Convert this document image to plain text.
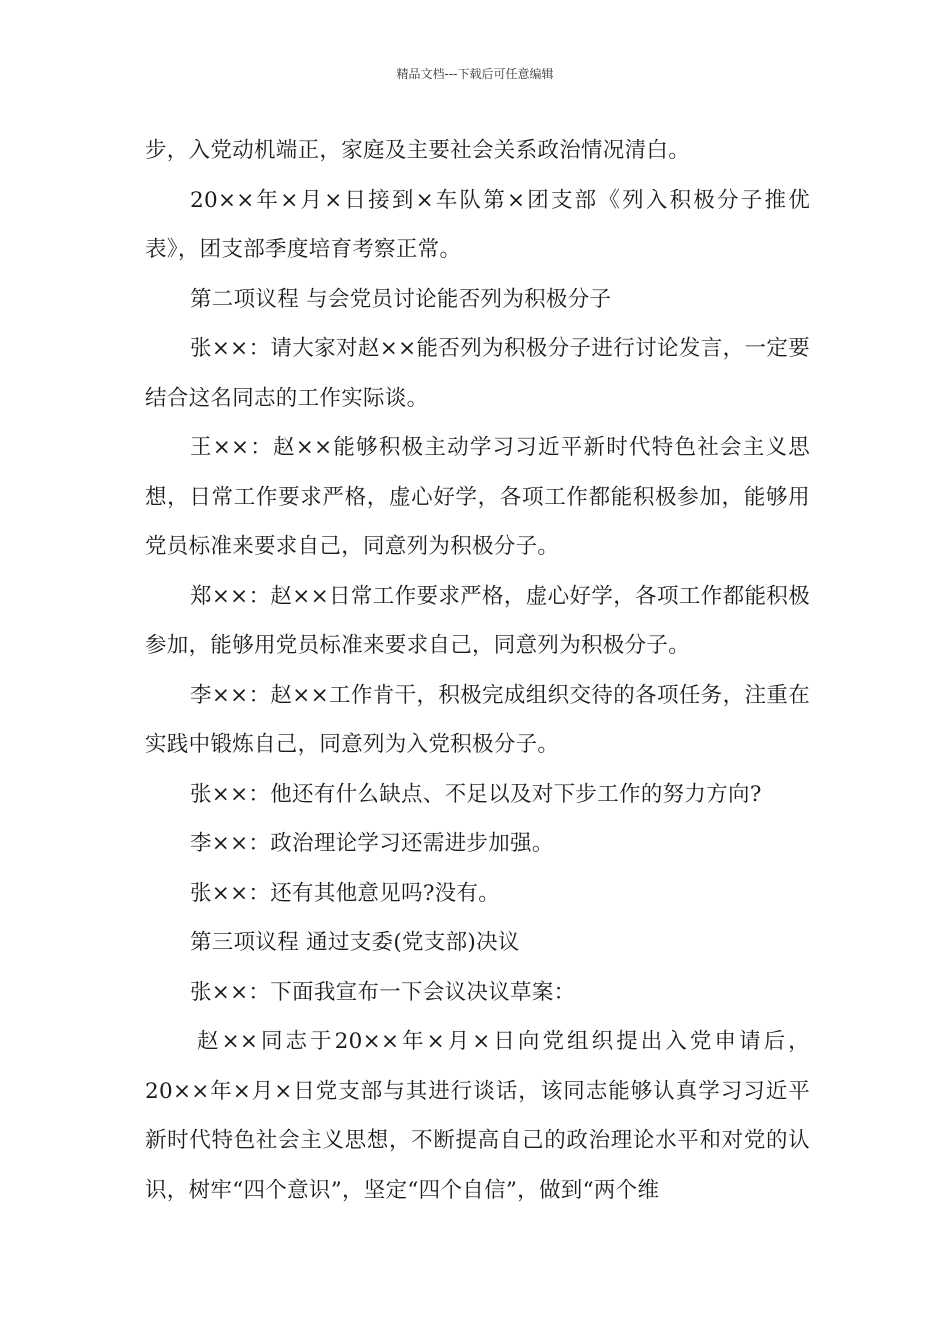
精品文档---下载后可任意编辑

步，入党动机端正，家庭及主要社会关系政治情况清白。

20××年×月×日接到×车队第×团支部《列入积极分子推优表》，团支部季度培育考察正常。

第二项议程 与会党员讨论能否列为积极分子

张××：请大家对赵××能否列为积极分子进行讨论发言，一定要结合这名同志的工作实际谈。

王××：赵××能够积极主动学习习近平新时代特色社会主义思想，日常工作要求严格，虚心好学，各项工作都能积极参加，能够用党员标准来要求自己，同意列为积极分子。

郑××：赵××日常工作要求严格，虚心好学，各项工作都能积极参加，能够用党员标准来要求自己，同意列为积极分子。

李××：赵××工作肯干，积极完成组织交待的各项任务，注重在实践中锻炼自己，同意列为入党积极分子。

张××：他还有什么缺点、不足以及对下步工作的努力方向?

李××：政治理论学习还需进步加强。

张××：还有其他意见吗?没有。

第三项议程 通过支委(党支部)决议

张××：下面我宣布一下会议决议草案：

赵××同志于20××年×月×日向党组织提出入党申请后，20××年×月×日党支部与其进行谈话，该同志能够认真学习习近平新时代特色社会主义思想，不断提高自己的政治理论水平和对党的认识，树牢“四个意识”，坚定“四个自信”，做到“两个维
